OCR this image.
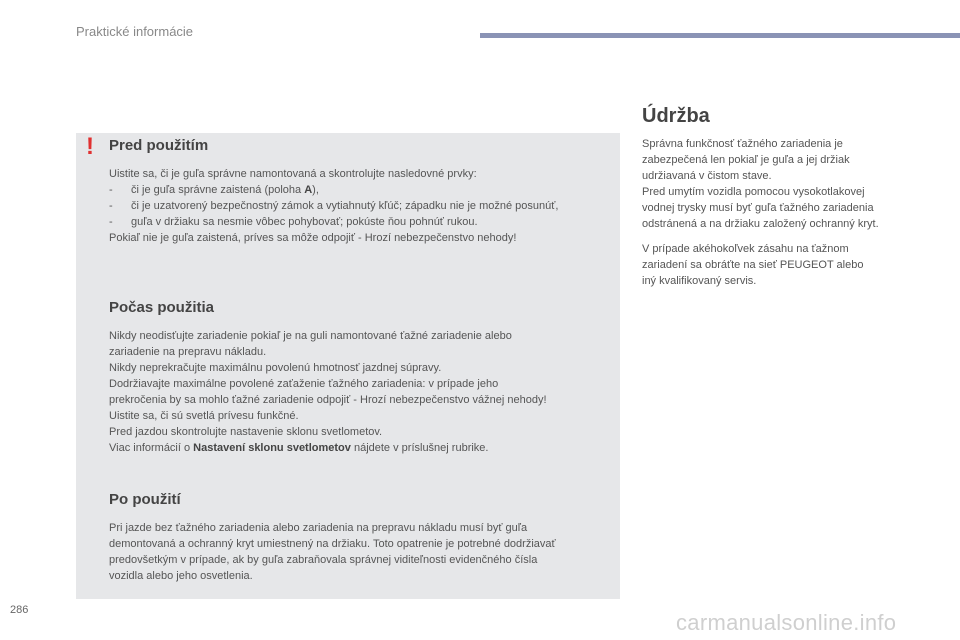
Praktické informácie
! Pred použitím

Uistite sa, či je guľa správne namontovaná a skontrolujte nasledovné prvky:

-	či je guľa správne zaistená (poloha A),
-	či je uzatvorený bezpečnostný zámok a vytiahnutý kľúč; západku nie je možné posunúť,
-	guľa v držiaku sa nesmie vôbec pohybovať; pokúste ňou pohnúť rukou.

Pokiaľ nie je guľa zaistená, príves sa môže odpojiť - Hrozí nebezpečenstvo nehody!

Počas použitia

Nikdy neodisťujte zariadenie pokiaľ je na guli namontované ťažné zariadenie alebo

zariadenie na prepravu nákladu.

Nikdy neprekračujte maximálnu povolenú hmotnosť jazdnej súpravy.

Dodržiavajte maximálne povolené zaťaženie ťažného zariadenia: v prípade jeho

prekročenia by sa mohlo ťažné zariadenie odpojiť - Hrozí nebezpečenstvo vážnej nehody!

Uistite sa, či sú svetlá prívesu funkčné.

Pred jazdou skontrolujte nastavenie sklonu svetlometov.

Viac informácií o Nastavení sklonu svetlometov nájdete v príslušnej rubrike.

Po použití

Pri jazde bez ťažného zariadenia alebo zariadenia na prepravu nákladu musí byť guľa

demontovaná a ochranný kryt umiestnený na držiaku. Toto opatrenie je potrebné dodržiavať

predovšetkým v prípade, ak by guľa zabraňovala správnej viditeľnosti evidenčného čísla

vozidla alebo jeho osvetlenia.

Údržba

Správna funkčnosť ťažného zariadenia je

zabezpečená len pokiaľ je guľa a jej držiak

udržiavaná v čistom stave.

Pred umytím vozidla pomocou vysokotlakovej

vodnej trysky musí byť guľa ťažného zariadenia

odstránená a na držiaku založený ochranný kryt.

V prípade akéhokoľvek zásahu na ťažnom

zariadení sa obráťte na sieť PEUGEOT alebo

iný kvalifikovaný servis.

286	carmanualsonline.info
